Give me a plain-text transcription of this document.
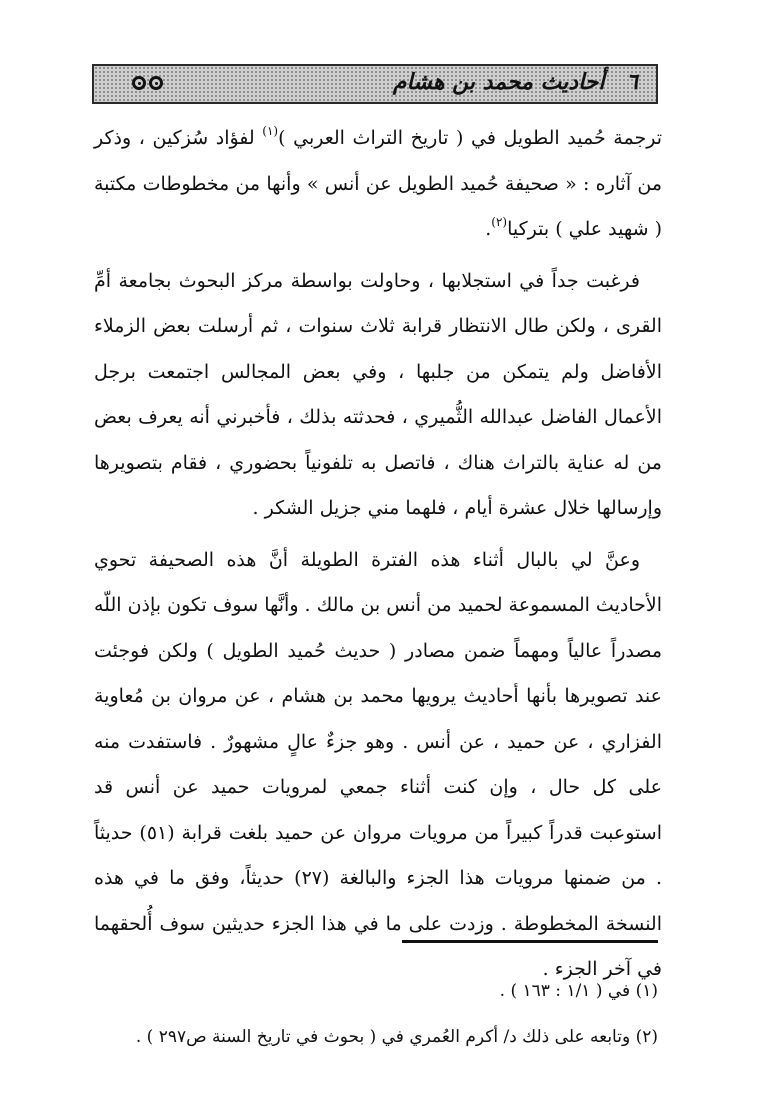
٦ أحاديث محمد بن هشام

ترجمة حُميد الطويل في ( تاريخ التراث العربي )$^{(١)}$ لفؤاد سُزكين ، وذكر من آثاره : « صحيفة حُميد الطويل عن أنس » وأنها من مخطوطات مكتبة ( شهيد علي ) بتركيا$^{(٢)}$.

فرغبت جداً في استجلابها ، وحاولت بواسطة مركز البحوث بجامعة أمِّ القرى ، ولكن طال الانتظار قرابة ثلاث سنوات ، ثم أرسلت بعض الزملاء الأفاضل ولم يتمكن من جلبها ، وفي بعض المجالس اجتمعت برجل الأعمال الفاضل عبدالله الثُّميري ، فحدثته بذلك ، فأخبرني أنه يعرف بعض من له عناية بالتراث هناك ، فاتصل به تلفونياً بحضوري ، فقام بتصويرها وإرسالها خلال عشرة أيام ، فلهما مني جزيل الشكر .

وعنَّ لي بالبال أثناء هذه الفترة الطويلة أنَّ هذه الصحيفة تحوي الأحاديث المسموعة لحميد من أنس بن مالك . وأنَّها سوف تكون بإذن اللّه مصدراً عالياً ومهماً ضمن مصادر ( حديث حُميد الطويل ) ولكن فوجئت عند تصويرها بأنها أحاديث يرويها محمد بن هشام ، عن مروان بن مُعاوية الفزاري ، عن حميد ، عن أنس . وهو جزءٌ عالٍ مشهورٌ . فاستفدت منه على كل حال ، وإن كنت أثناء جمعي لمرويات حميد عن أنس قد استوعبت قدراً كبيراً من مرويات مروان عن حميد بلغت قرابة (٥١) حديثاً . من ضمنها مرويات هذا الجزء والبالغة (٢٧) حديثاً، وفق ما في هذه النسخة المخطوطة . وزدت على ما في هذا الجزء حديثين سوف أُلحقهما في آخر الجزء .

(١) في ( ١/١ : ١٦٣ ) .

(٢) وتابعه على ذلك د/ أكرم العُمري في ( بحوث في تاريخ السنة ص٢٩٧ ) .
